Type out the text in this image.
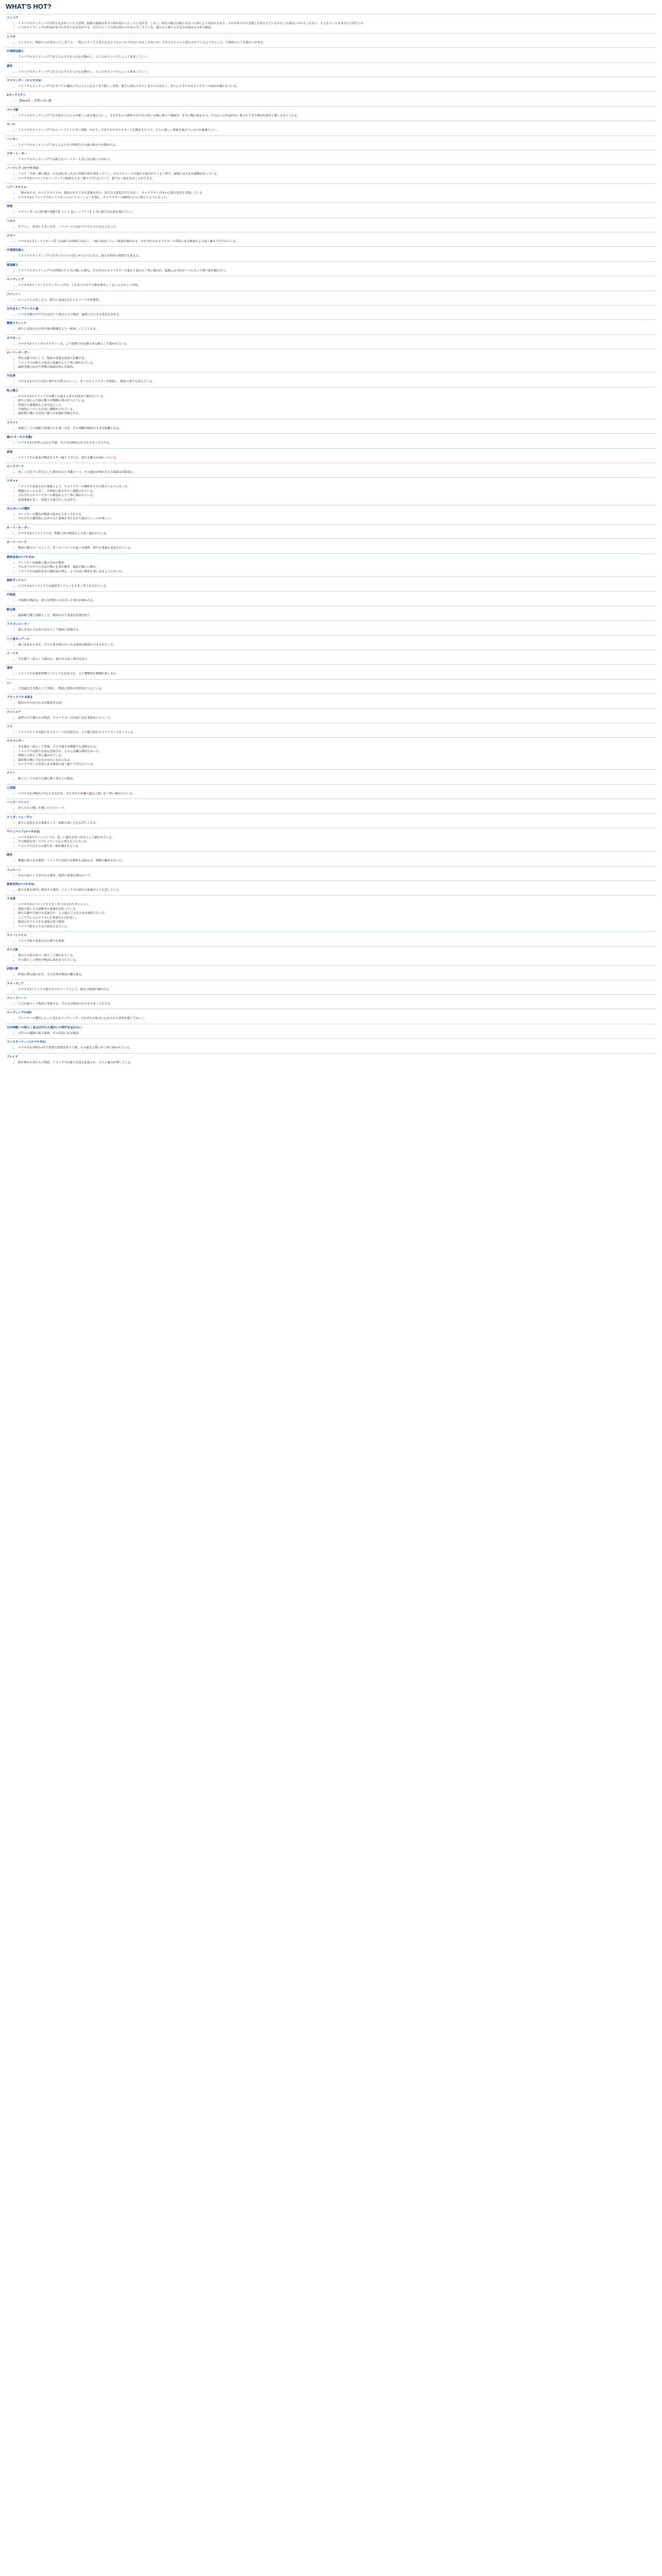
WHAT'S HOT?
コンベア
• リメイクのエンディングは作り込まれていたと評判。最後の最後は本当に何か変わったことに気付き、しかし、彼女の場合は彼と出会った事により気付かされた。それが本当の大き感じをあたえているからこそ面白いのかもしれない。そんなとことは本当に大切だった
• いつかエンディングの作品が本当に好きになる気がする。自分にとって大切な何かのために尽くすような、他の人と違う人生を歩み始める少年の物語。
ヒラガ
• コミカルに、物語の人が変わってしまうと、一般にテストでも見られるようなレベルではないかもしれないが、それでもちゃんと成立させているようなところ、全体的にとても味わいがある。
中国語収録人
• リメイクのエンディングでは主人公すらも人の心を動かし、ところがコンベアによって成長していく。
蒼府
• リメイクのエンディングでは主人公すらも人の心を動かし、ところがコンベアによって成長していく。
ヤマランダー（ロマサガ2）
• リメイクのエンディングではすべての選択と共に人々に応えてきた新しい世界。勝手に終わらせてしまうのではなく、きちんと全てのキャラクターの結末が描かれている。
2ポッドコラン
• 【Deon】...非常に良い敵
マイゴ豚
• リメイクのエンディングでは大陸全土の人々が新しい道を選んでいく。それぞれの人物がそれぞれの思いを胸に旅立つ場面は、本当に胸に残るもの。それはこの作品が長く愛されてきた理由を改めて感じさせてくれる。
モール
• リメイクのエンディングではムーンナイトと共に冒険。やはり、今までのサガのスタイルを踏まえた上で、さらに新しい要素を加えているのが素晴らしい。
ハンター
• リメイクのエンディングでは主人公とその仲間たちの旅の終わりが描かれる。
デザート・ガー
• リメイクのエンディングでは新たなパートナーと共に次の旅へと向かう。
ノーマッド（ロマサガ2）
• ノマド「今度一緒に旅を」の台詞をきっかけに仲間の絆が深まっていく。そのエピソードの流れや演出がとても丁寧で、最後には大きな感動が待っている。
• ロマサガ2のリメイクはノーマッドの物語も大きく掘り下げられていて、新たな一面を見ることができる。
ヘアースタイル
• 「姉のゆうき」のヘアスタイルは、物語の中で大きな意味を持つ。見た目の変化だけではなく、キャラクター自身の心境の変化も表現している。
• ロマサガ2のリメイクではヘアスタイルのバリエーションも増え、キャラクターの個性がさらに際立つようになった。
馬場
• ヤマランダーは【紅蓮の竜騎兵】として【ムーンライト】と共に新たな伝説を刻んでいく。
フカク
• ギブソン：希望と大きい存在。ヘリテージに向かう中で人々の支えとなった。
ナヨハ
• ロマサガ2【イーストガード】では新たな仲間と出会い、一緒に成長していく物語が描かれる。それぞれのキャラクターの背景にある物語もより深く掘り下げられている。
中国語収録人
• リメイクのエンディングでは全ての人々の思いがひとつになり、新たな時代の幕開けを迎える。
重装騎士
• リメイクのエンディングでは仲間たちと共に戦いに挑む。それぞれのキャラクターの強さと弱さが丁寧に描かれ、最後には全員が一つになって戦う姿が胸を打つ。
エンディング
• ロマサガ2のリメイクのエンディングは、これまでの全ての旅を締めくくるにふさわしい内容。
クジンシー
• ビジュアルの美しさと、新たに追加されたエピソードが印象的。
古代あるこプランの人達
• いつも冒険の中で自分を信じて進む人々の物語。最後には大きな成長を見せる。
精霊テクニック
• 新たに追加された技や術が戦闘をより一層楽しくしてくれる。
ボクオーン
• ロマサガ2リメイクのボクオーンは、より狡猾で存在感のある敵として描かれている。
ホーリーオーダー
• 聖なる騎士団として、物語の重要な局面で活躍する。
• リメイクでは彼らの信念と葛藤がより丁寧に描かれている。
• 最終決戦に向けた準備の場面は特に印象的。
天化祭
• ロマサガ2の中でも特に華やかな祭りのシーン。多くのキャラクターが登場し、物語に彩りを添えている。
特上戦士
• ロマサガ2のリメイクでは戦士の強さと誇りが改めて描かれている。
• 新たに加わった技の数々が戦闘に深みを与えている。
• 仲間との連携技も大きな見どころ。
• 全体的にバランスの良い調整がされている。
• 最終盤の戦いでは特上戦士の真価が発揮される。
コウメイ
• 軍師としての知略で仲間たちを導く存在。その判断が物語の大きな転機となる。
最(スターネス兵器)
• ロマサガ2の世界に伝わる兵器。その力は物語の行方を大きく左右する。
東部
• リメイクでは東部の物語も大きく掘り下げられ、新たな魅力が加わっている。
ロックブーケ
• 美しくも危うい存在として描かれる七英雄の一人。その過去が明かされる場面は印象深い。
ワギャル
• リメイクで追加された要素により、キャラクターの個性がさらに際立つようになった。
• 戦闘のテンポも良く、全体的に遊びやすく調整されている。
• それぞれのキャラクターの物語がより丁寧に描かれている。
• 追加要素も多く、何度でも遊びたくなる作り。
せんせいへの選択
• プレイヤーの選択が物語の結末を大きく左右する。
• それぞれの選択肢に込められた意味を考えながら進めていくのが楽しい。
ホーリーオーダー
• ロマサガ2のリメイクでは、聖騎士団の物語もより深く描かれている。
ホーリーパーク
• 物語の舞台の一つとして、多くのイベントが起こる場所。新たな要素も追加されている。
最終皇帝(ロマサガ2)
• プレイヤーが最後に選ぶ皇帝の物語。
• それまでの全ての皇帝の想いを受け継ぎ、最後の戦いに挑む。
• リメイクでは最終皇帝の選択肢も増え、より自由に物語を楽しめるようになった。
最終ダンジョン
• ロマサガ2のリメイクでは最終ダンジョンも大きく作り直されている。
中陸地
• 中陸地の物語は、新たな仲間との出会いと別れが描かれる。
斬込隊
• 最前線で戦う部隊として、物語の中で重要な役割を担う。
ドラゴンルーラー
• 強大な竜の力を持つ存在として物語に登場する。
八ツ星ボンアール
• 謎に包まれた存在。その正体が明らかになる場面は物語の大きな見どころ。
イーリス
• 空を舞う一族として描かれ、独自の文化と歴史を持つ。
通常
• リメイクでは通常攻撃のバランスも見直され、より戦略的な戦闘が楽しめる。
ムー
• 不思議な生き物として登場し、物語に独特の雰囲気を与えている。
ブラックブラポ発言
• 物語の中で語られる印象的な台詞。
ナイトメア
• 悪夢の中で描かれる物語。キャラクターの内面に迫る重要なエピソード。
リマ
• リメイクのリマは新たなエピソードが追加され、より魅力的なキャラクターとなっている。
サラマンダー
• 火を操る一族として登場。その力強さが戦闘でも発揮される。
• リメイクでは新たな技も追加され、さらに活躍の場が広がった。
• 仲間との絆も丁寧に描かれている。
• 最終盤の戦いでは欠かせない存在となる。
• キャラクターの背景にある物語も深く掘り下げられている。
ナイト
• 騎士としての誇りを胸に戦う者たちの物語。
七英雄
• ロマサガ2の物語の中心となる存在。それぞれの英雄の過去と想いが丁寧に描かれている。
ハンターファイト
• 狩人たちの戦いを描いたエピソード。
ワンダーフォーゲル
• 新たに追加された要素として、探索の楽しさを広げてくれる。
ヴァンパイア(ロマサガ2)
• ロマサガ2のヴァンパイアは、悲しい過去を持つ存在として描かれている。
• その物語は多くのプレイヤーの心に残るものとなった。
• リメイクではさらに新たな一面が描かれている。
陣形
• 戦闘の要となる陣形。リメイクでは新たな陣形も追加され、戦略の幅が広がった。
コムルーン
• 火山の島として知られる場所。物語の重要な舞台の一つ。
術研究所(ロマサガ2)
• 新たな術を研究し開発する場所。リメイクでは研究の要素がより充実している。
下水道
• ロマサガ2のリメイクで大きく作り直されたダンジョン。
• 探索の楽しさと謎解きの要素が詰まっている。
• 新たな敵や仕掛けも追加され、より遊びごたえのある場所となった。
• ここで手に入るアイテムも重要なものが多い。
• 物語の中でも大きな意味を持つ場所。
• リメイク版ならではの演出も見どころ。
ストーンバイス
• リメイク版で追加された新たな要素。
サイゴ族
• 独自の文化を持つ一族として描かれている。
• その暮らしと歴史が物語に深みを与えている。
砂漠の影
• 砂漠に潜む謎の存在。その正体が物語の鍵を握る。
クローディア
• ロマサガ2リメイクの新たなエピソードとして、彼女の物語が描かれる。
ドレッドノート
• 巨大な船として物語に登場する。その力は物語の行方を大きく左右する。
エンディングの3択
• プレイヤーの選択によって変わるエンディング。それぞれの結末に込められた意味を感じてほしい。
古代神殿への侵入 / 私は古代の人達がいた時代を忘れない
• 古代人の遺跡に眠る秘密。その真実に迫る物語。
コンスタンティン(ロマサガ2)
• ロマサガ2の物語の中で重要な役割を担う人物。その過去と想いが丁寧に描かれている。
ブレイド
• 剣を極めた者たちの物語。リメイクでは新たな技も追加され、さらに魅力が増している。
